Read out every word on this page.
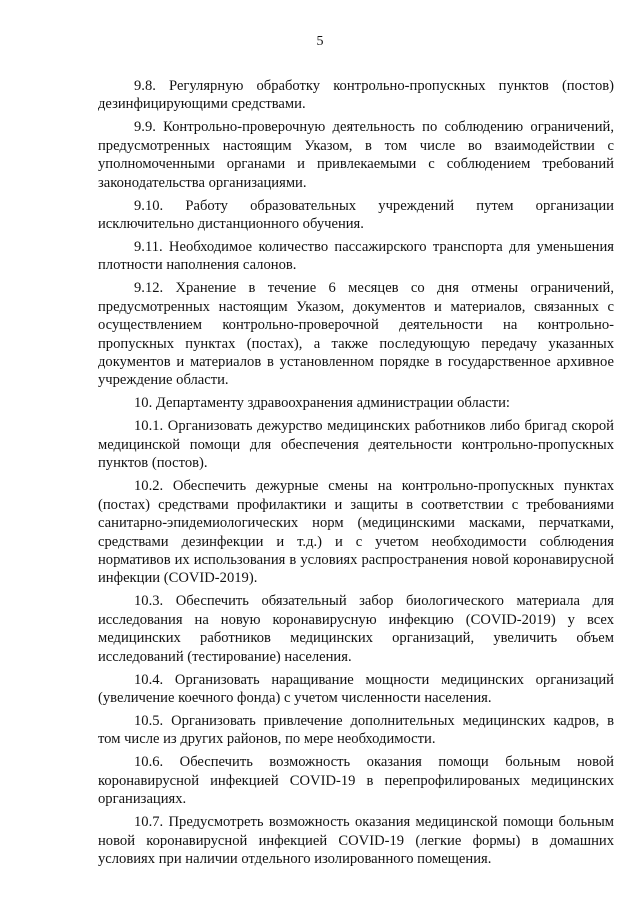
5

9.8. Регулярную обработку контрольно-пропускных пунктов (постов) дезинфицирующими средствами.

9.9. Контрольно-проверочную деятельность по соблюдению ограничений, предусмотренных настоящим Указом, в том числе во взаимодействии с уполномоченными органами и привлекаемыми с соблюдением требований законодательства организациями.

9.10. Работу образовательных учреждений путем организации исключительно дистанционного обучения.

9.11. Необходимое количество пассажирского транспорта для уменьшения плотности наполнения салонов.

9.12. Хранение в течение 6 месяцев со дня отмены ограничений, предусмотренных настоящим Указом, документов и материалов, связанных с осуществлением контрольно-проверочной деятельности на контрольно-пропускных пунктах (постах), а также последующую передачу указанных документов и материалов в установленном порядке в государственное архивное учреждение области.

10. Департаменту здравоохранения администрации области:

10.1. Организовать дежурство медицинских работников либо бригад скорой медицинской помощи для обеспечения деятельности контрольно-пропускных пунктов (постов).

10.2. Обеспечить дежурные смены на контрольно-пропускных пунктах (постах) средствами профилактики и защиты в соответствии с требованиями санитарно-эпидемиологических норм (медицинскими масками, перчатками, средствами дезинфекции и т.д.) и с учетом необходимости соблюдения нормативов их использования в условиях распространения новой коронавирусной инфекции (COVID-2019).

10.3. Обеспечить обязательный забор биологического материала для исследования на новую коронавирусную инфекцию (COVID-2019) у всех медицинских работников медицинских организаций, увеличить объем исследований (тестирование) населения.

10.4. Организовать наращивание мощности медицинских организаций (увеличение коечного фонда) с учетом численности населения.

10.5. Организовать привлечение дополнительных медицинских кадров, в том числе из других районов, по мере необходимости.

10.6. Обеспечить возможность оказания помощи больным новой коронавирусной инфекцией COVID-19 в перепрофилированых медицинских организациях.

10.7. Предусмотреть возможность оказания медицинской помощи больным новой коронавирусной инфекцией COVID-19 (легкие формы) в домашних условиях при наличии отдельного изолированного помещения.
